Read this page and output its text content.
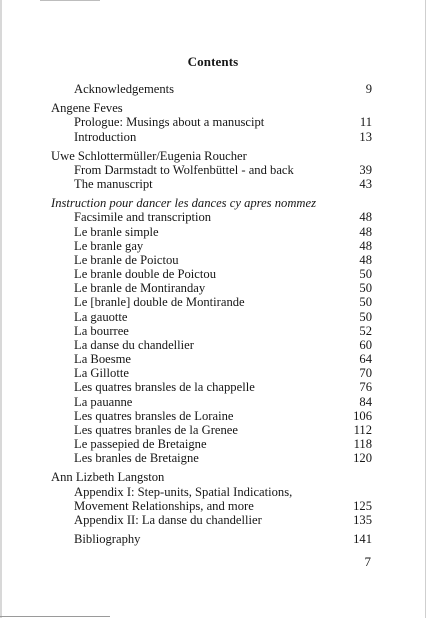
Contents
Acknowledgements	9
Angene Feves
Prologue: Musings about a manuscipt	11
Introduction	13
Uwe Schlottermüller/Eugenia Roucher
From Darmstadt to Wolfenbüttel - and back	39
The manuscript	43
Instruction pour dancer les dances cy apres nommez
Facsimile and transcription	48
Le branle simple	48
Le branle gay	48
Le branle de Poictou	48
Le branle double de Poictou	50
Le branle de Montiranday	50
Le [branle] double de Montirande	50
La gauotte	50
La bourree	52
La danse du chandellier	60
La Boesme	64
La Gillotte	70
Les quatres bransles de la chappelle	76
La pauanne	84
Les quatres bransles de Loraine	106
Les quatres branles de la Grenee	112
Le passepied de Bretaigne	118
Les branles de Bretaigne	120
Ann Lizbeth Langston
Appendix I: Step-units, Spatial Indications,
Movement Relationships, and more	125
Appendix II: La danse du chandellier	135
Bibliography	141
7
